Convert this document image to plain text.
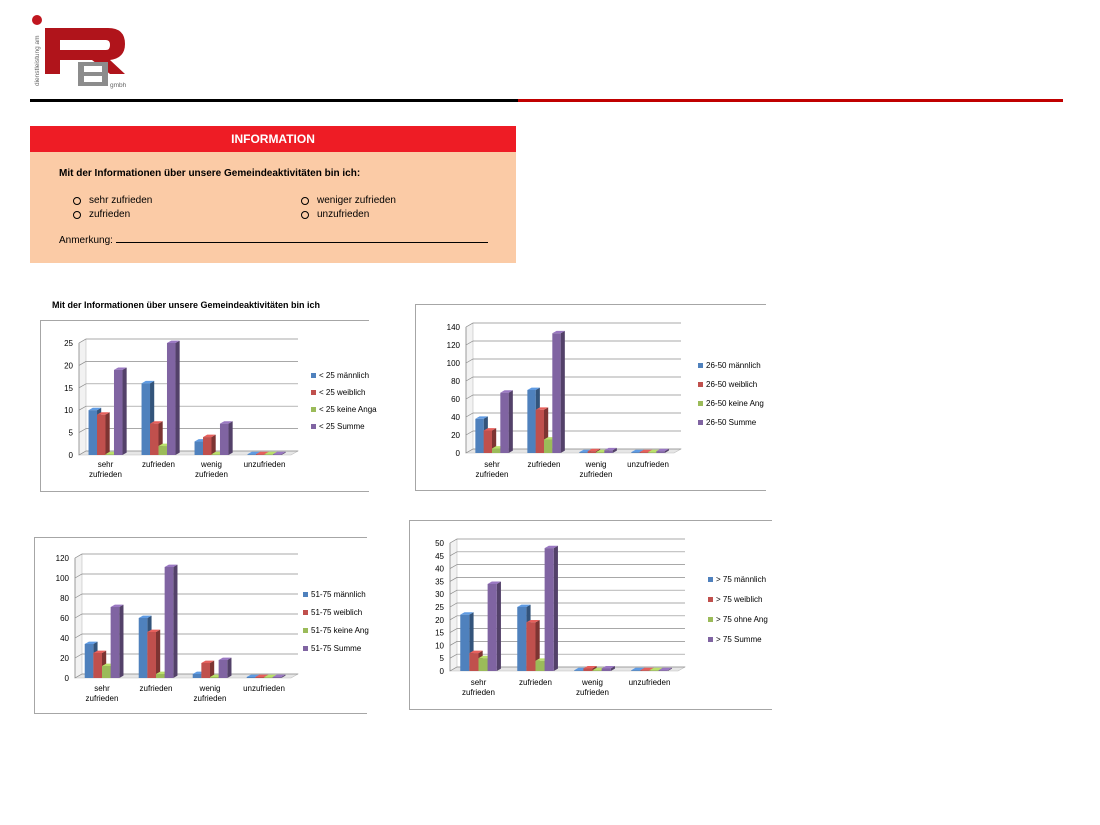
dienstleistung am	gmbh
INFORMATION
Mit der Informationen über unsere Gemeindeaktivitäten bin ich:
sehr zufrieden	weniger zufrieden
zufrieden	unzufrieden
Anmerkung:
Mit der Informationen über unsere Gemeindeaktivitäten bin ich
0
5
10
15
20
25
sehr
zufrieden
zufrieden	wenig
zufrieden
unzufrieden
< 25 männlich
< 25 weiblich
< 25 keine Anga
< 25 Summe
0
20
40
60
80
100
120
140
sehr
zufrieden
zufrieden	wenig
zufrieden
unzufrieden
26-50 männlich
26-50 weiblich
26-50 keine Ang
26-50 Summe
0
20
40
60
80
100
120
sehr
zufrieden
zufrieden	wenig
zufrieden
unzufrieden
51-75 männlich
51-75 weiblich
51-75 keine Ang
51-75 Summe
0
5
10
15
20
25
30
35
40
45
50
sehr
zufrieden
zufrieden	wenig
zufrieden
unzufrieden
> 75 männlich
> 75 weiblich
> 75 ohne Ang
> 75 Summe
